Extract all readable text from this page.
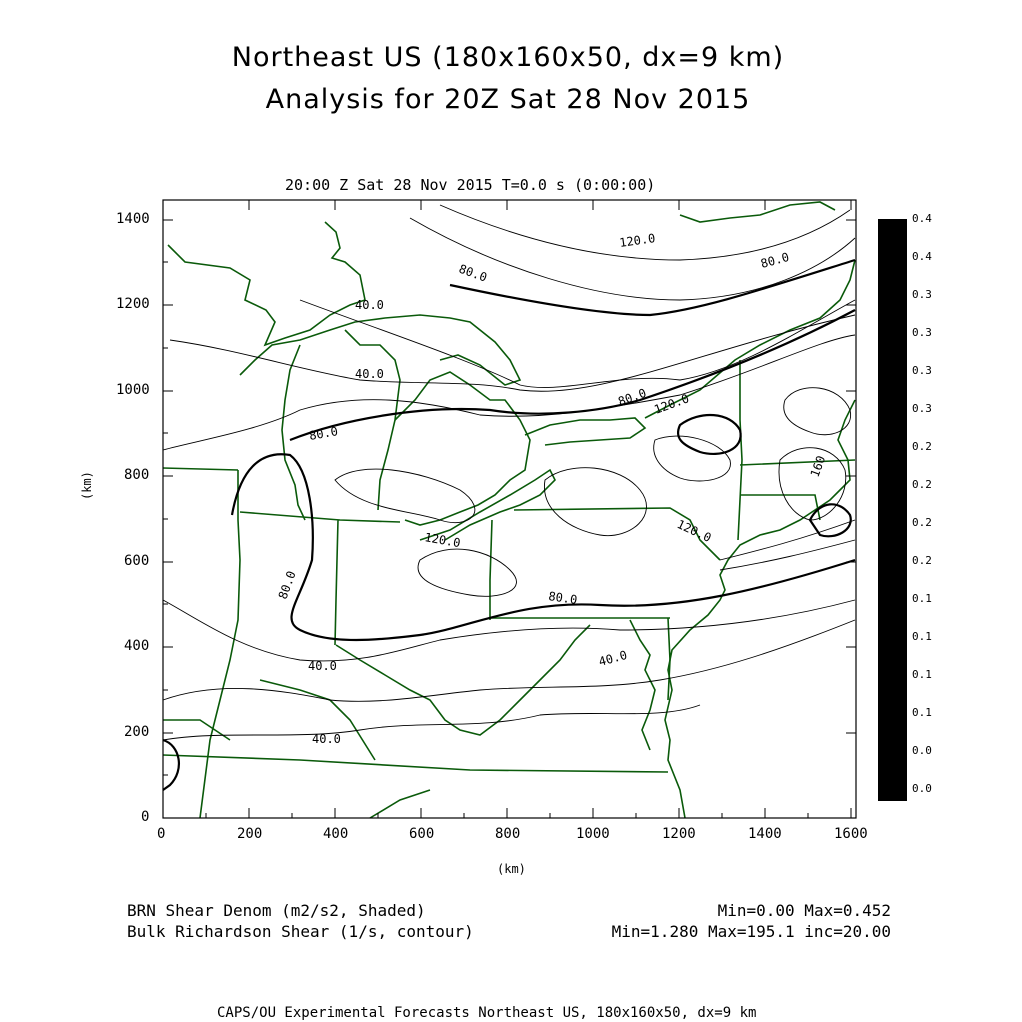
Northeast US (180x160x50, dx=9 km)
Analysis for 20Z Sat 28 Nov 2015
20:00 Z Sat 28 Nov 2015 T=0.0 s (0:00:00)
120.0
80.0
80.0
40.0
40.0
80.0
80.0 120.0
160
120.0	120.0
80.0
80.0
40.0
40.0
40.0
0	200	400	600	800	1000	1200	1400	1600
0
200
400
600
800
1000
1200
1400
(km)
(km)
0.4
0.4
0.3
0.3
0.3
0.3
0.2
0.2
0.2
0.2
0.1
0.1
0.1
0.1
0.0
0.0
BRN Shear Denom (m2/s2, Shaded)
Bulk Richardson Shear (1/s, contour)
Min=0.00 Max=0.452
Min=1.280 Max=195.1 inc=20.00
CAPS/OU Experimental Forecasts Northeast US, 180x160x50, dx=9 km
